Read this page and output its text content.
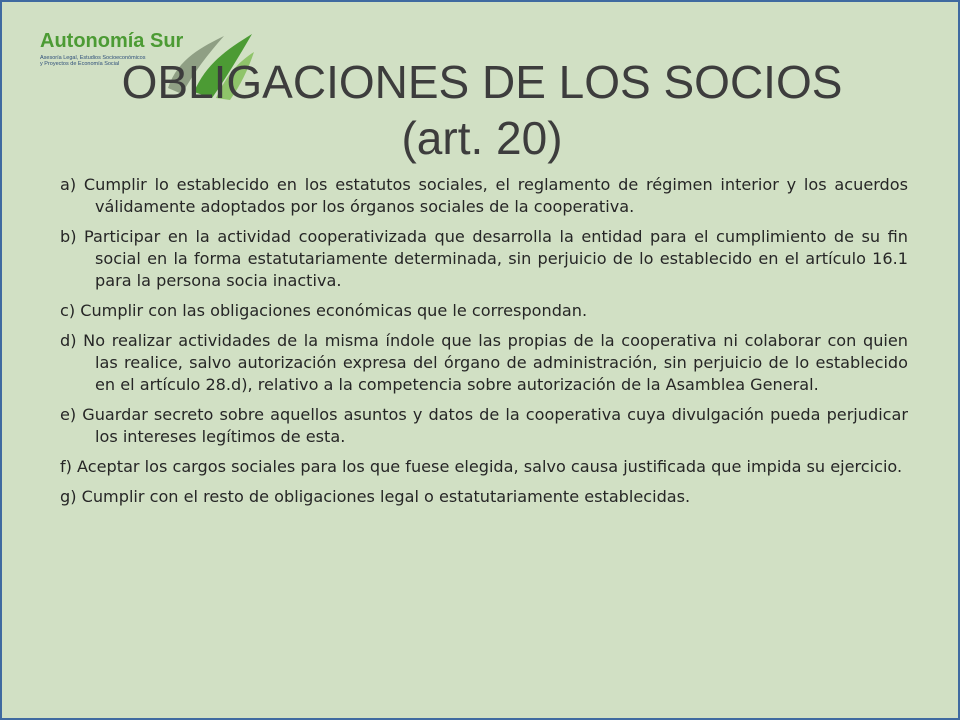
Autonomía Sur
Asesoría Legal, Estudios Socioeconómicos
y Proyectos de Economía Social OBLIGACIONES DE LOS SOCIOS
(art. 20)

a) Cumplir lo establecido en los estatutos sociales, el reglamento de régimen interior y los acuerdos válidamente adoptados por los órganos sociales de la cooperativa.

b) Participar en la actividad cooperativizada que desarrolla la entidad para el cumplimiento de su fin social en la forma estatutariamente determinada, sin perjuicio de lo establecido en el artículo 16.1 para la persona socia inactiva.

c) Cumplir con las obligaciones económicas que le correspondan.

d) No realizar actividades de la misma índole que las propias de la cooperativa ni colaborar con quien las realice, salvo autorización expresa del órgano de administración, sin perjuicio de lo establecido en el artículo 28.d), relativo a la competencia sobre autorización de la Asamblea General.

e) Guardar secreto sobre aquellos asuntos y datos de la cooperativa cuya divulgación pueda perjudicar los intereses legítimos de esta.

f) Aceptar los cargos sociales para los que fuese elegida, salvo causa justificada que impida su ejercicio.

g) Cumplir con el resto de obligaciones legal o estatutariamente establecidas.
